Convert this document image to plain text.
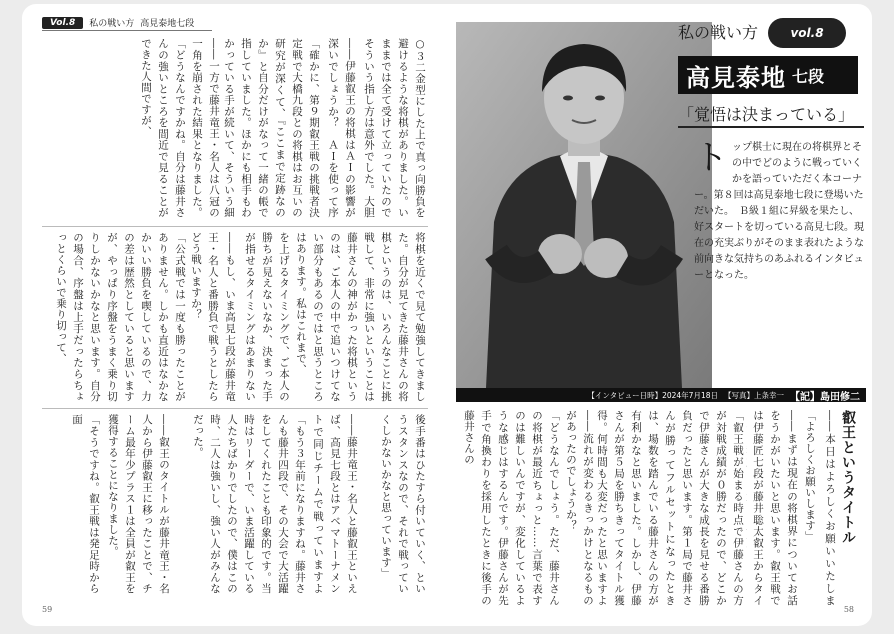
Vol.8	私の戦い方 高見泰地七段
○３二金型にした上で真っ向勝負を避けるような将棋がありました。いままでは全て受けて立っていたのでそういう指し方は意外でした。大胆
――伊藤叡王の将棋はＡＩの影響が深いでしょうか？　ＡＩを使って序
「確かに、第９期叡王戦の挑戦者決定戦で大橋九段との将棋はお互いの研究が深くて、『ここまで定跡なのか』と自分だけがなって一緒の帳で指していました。ほかにも相手もわかっている手が続いて、そういう細
――一方で藤井竜王・名人は八冠の一角を崩された結果となりました。
「どうなんですかね。自分は藤井さんの強いところを間近で見ることができた人間ですが、
将棋を近くで見て勉強してきました。自分が見てきた藤井さんの将棋というのは、いろんなことに挑戦して、非常に強いということは
藤井さんの神がかった将棋というのは、ご本人の中で追いつけてない部分もあるのではと思うところはあります。私はこれまで、
を上げるタイミングで、ご本人の勝ちが見えないなか、決まった手が指せるタイミングはあまりない
――もし、いま高見七段が藤井竜王・名人と番勝負で戦うとしたらどう戦いますか？
「公式戦では一度も勝ったことがありません。しかも直近はなかなかいい勝負を喫しているので、力の差は歴然としていると思いますが、やっぱり序盤をうまく乗り切りしかないかなと思います。自分の場合、序盤は上手だったらちょっとくらいで乗り切って、
後手番はひたすら付いていく、というスタンスなので、それで戦っていくしかないかなと思っています」
――藤井竜王・名人と藤叡王といえば、高見七段とはアベマトーナメントで同じチームで戦っていますよ
「もう３年前になりますね。藤井さんも藤井四段で、その大会で大活躍をしてくれたことも印象的です。当時はリーダーで、いま活躍している人たちばかりでしたので、僕はこの時、二人は強いし、強い人がみんなだった。
――叡王のタイトルが藤井竜王・名人から伊藤叡王に移ったことで、チーム最年少プラス１は全員が叡王を獲得することになりました。
「そうですね。叡王戦は発足時から面
59
私の戦い方	vol.8
高見泰地 七段
「覚悟は決まっている」
ト ップ棋士に現在の将棋界とその中でどのように戦っていくかを語っていただく本コーナー。第８回は高見泰地七段に登場いただいた。　Ｂ級１組に昇級を果たし、好スタートを切っている高見七段。現在の充実ぶりがそのまま表れたような前向きな気持ちのあふれるインタビューとなった。
【インタビュー日時】2024年7月18日 【写真】上条幸一 【記】島田修二
叡王というタイトル
――本日はよろしくお願いいたしま
「よろしくお願いします」
――まずは現在の将棋界についてお話をうかがいたいと思います。叡王戦では伊藤匠七段が藤井聡太叡王からタイ
「叡王戦が始まる時点で伊藤さんの方が対戦成績が０勝だったので、どこかで伊藤さんが大きな成長を見せる番勝負だったと思います。第１局で藤井さんが勝ってフルセットになったときは、場数を踏んでいる藤井さんの方が有利かなと思いました。しかし、伊藤さんが第５局を勝ちきってタイトル獲得。何時間も大変だったと思いますよ
――流れが変わるきっかけとなるものがあったのでしょうか？
「どうなんでしょう。ただ、藤井さんの将棋が最近ちょっと……言葉で表すのは難しいんですが、変化しているような感じはするんです。伊藤さんが先手で角換わりを採用したときに後手の藤井さんの
58
